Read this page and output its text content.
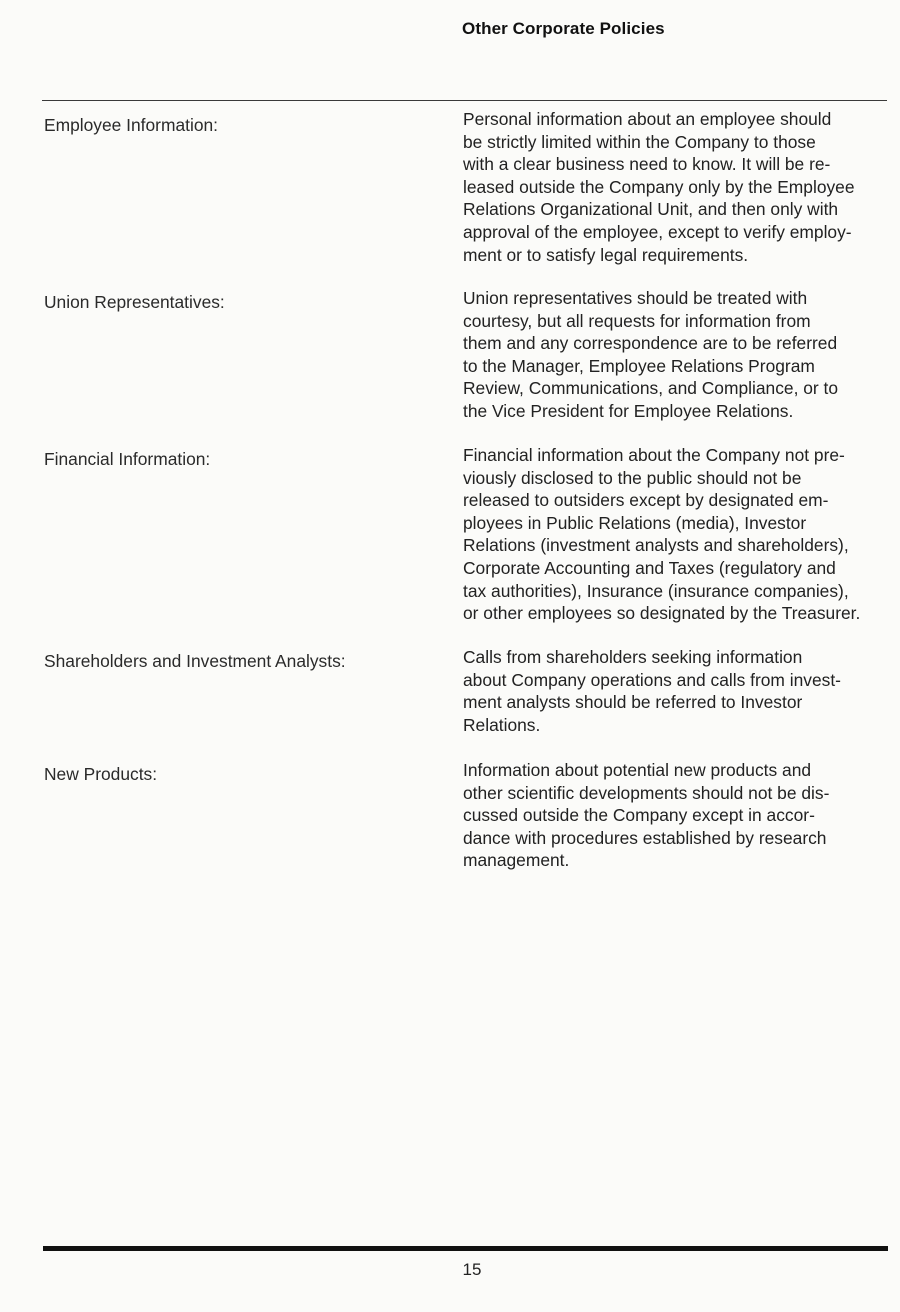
Other Corporate Policies
Employee Information:	Personal information about an employee should
be strictly limited within the Company to those
with a clear business need to know. It will be re-
leased outside the Company only by the Employee
Relations Organizational Unit, and then only with
approval of the employee, except to verify employ-
ment or to satisfy legal requirements.
Union Representatives:	Union representatives should be treated with
courtesy, but all requests for information from
them and any correspondence are to be referred
to the Manager, Employee Relations Program
Review, Communications, and Compliance, or to
the Vice President for Employee Relations.
Financial Information:	Financial information about the Company not pre-
viously disclosed to the public should not be
released to outsiders except by designated em-
ployees in Public Relations (media), Investor
Relations (investment analysts and shareholders),
Corporate Accounting and Taxes (regulatory and
tax authorities), Insurance (insurance companies),
or other employees so designated by the Treasurer.
Shareholders and Investment Analysts:	Calls from shareholders seeking information
about Company operations and calls from invest-
ment analysts should be referred to Investor
Relations.
New Products:	Information about potential new products and
other scientific developments should not be dis-
cussed outside the Company except in accor-
dance with procedures established by research
management.
15
